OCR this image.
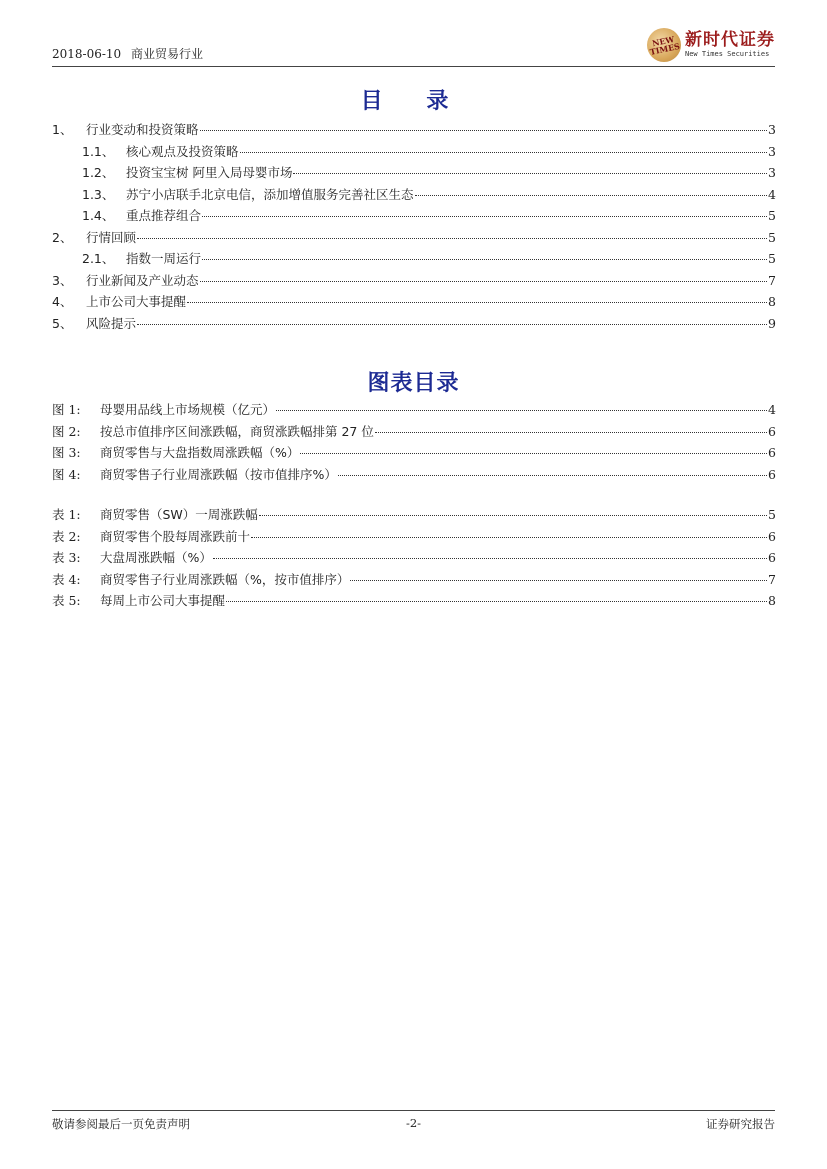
2018-06-10 商业贸易行业
NEW TIMES 新时代证券
New Times Securities
目 录
1、	行业变动和投资策略	3
1.1、 核心观点及投资策略	3
1.2、 投资宝宝树 阿里入局母婴市场	3
1.3、 苏宁小店联手北京电信，添加增值服务完善社区生态	4
1.4、 重点推荐组合	5
2、	行情回顾	5
2.1、 指数一周运行	5
3、	行业新闻及产业动态	7
4、	上市公司大事提醒	8
5、	风险提示	9
图表目录
图 1:	母婴用品线上市场规模（亿元）	4
图 2:	按总市值排序区间涨跌幅，商贸涨跌幅排第 27 位	6
图 3:	商贸零售与大盘指数周涨跌幅（%）	6
图 4:	商贸零售子行业周涨跌幅（按市值排序%）	6
表 1:	商贸零售（SW）一周涨跌幅	5
表 2:	商贸零售个股每周涨跌前十	6
表 3:	大盘周涨跌幅（%）	6
表 4:	商贸零售子行业周涨跌幅（%，按市值排序）	7
表 5:	每周上市公司大事提醒	8
敬请参阅最后一页免责声明	-2-	证券研究报告
